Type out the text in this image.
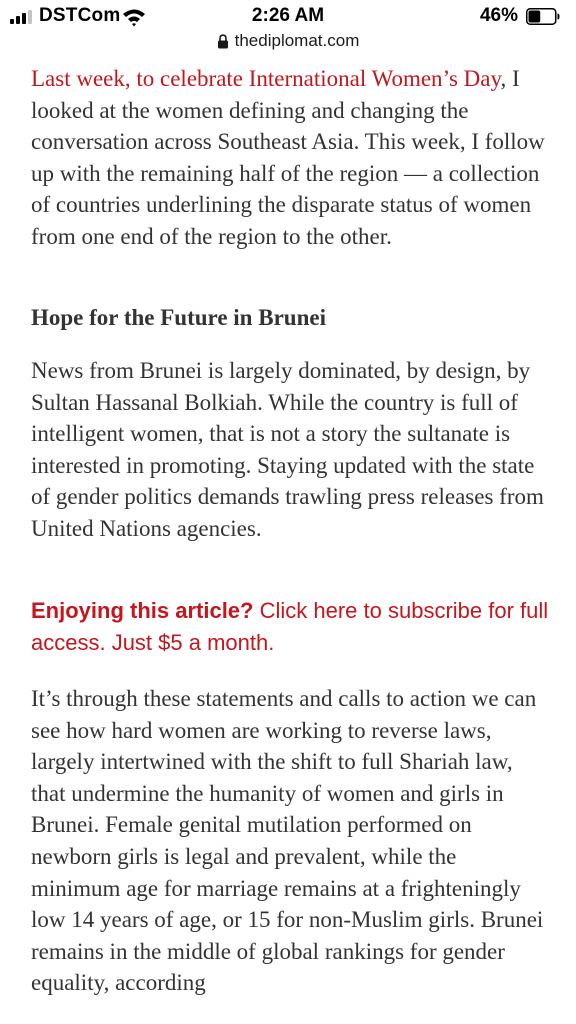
DSTCom	2:26 AM	46%
thediplomat.com

Last week, to celebrate International Women’s Day, I looked at the women defining and changing the conversation across Southeast Asia. This week, I follow up with the remaining half of the region — a collection of countries underlining the disparate status of women from one end of the region to the other.

Hope for the Future in Brunei

News from Brunei is largely dominated, by design, by Sultan Hassanal Bolkiah. While the country is full of intelligent women, that is not a story the sultanate is interested in promoting. Staying updated with the state of gender politics demands trawling press releases from United Nations agencies.

Enjoying this article? Click here to subscribe for full access. Just $5 a month.

It’s through these statements and calls to action we can see how hard women are working to reverse laws, largely intertwined with the shift to full Shariah law, that undermine the humanity of women and girls in Brunei. Female genital mutilation performed on newborn girls is legal and prevalent, while the minimum age for marriage remains at a frighteningly low 14 years of age, or 15 for non-Muslim girls. Brunei remains in the middle of global rankings for gender equality, according
